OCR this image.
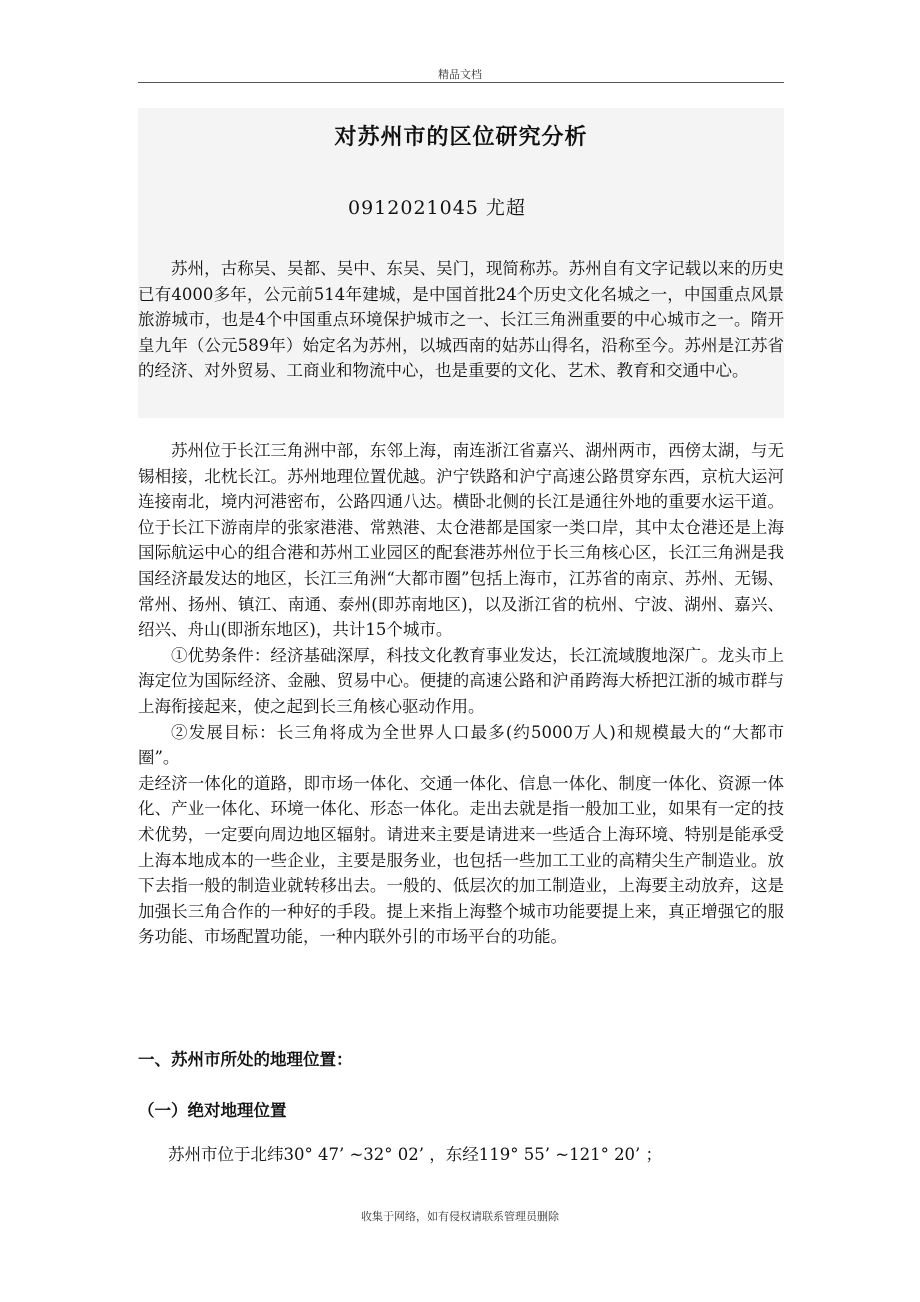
精品文档
对苏州市的区位研究分析
0912021045 尤超

苏州，古称吴、吴都、吴中、东吴、吴门，现简称苏。苏州自有文字记载以来的历史已有4000多年，公元前514年建城，是中国首批24个历史文化名城之一，中国重点风景旅游城市，也是4个中国重点环境保护城市之一、长江三角洲重要的中心城市之一。隋开皇九年（公元589年）始定名为苏州，以城西南的姑苏山得名，沿称至今。苏州是江苏省的经济、对外贸易、工商业和物流中心，也是重要的文化、艺术、教育和交通中心。

苏州位于长江三角洲中部，东邻上海，南连浙江省嘉兴、湖州两市，西傍太湖，与无锡相接，北枕长江。苏州地理位置优越。沪宁铁路和沪宁高速公路贯穿东西，京杭大运河连接南北，境内河港密布，公路四通八达。横卧北侧的长江是通往外地的重要水运干道。位于长江下游南岸的张家港港、常熟港、太仓港都是国家一类口岸，其中太仓港还是上海国际航运中心的组合港和苏州工业园区的配套港苏州位于长三角核心区，长江三角洲是我国经济最发达的地区，长江三角洲“大都市圈”包括上海市，江苏省的南京、苏州、无锡、常州、扬州、镇江、南通、泰州(即苏南地区)，以及浙江省的杭州、宁波、湖州、嘉兴、绍兴、舟山(即浙东地区)，共计15个城市。

①优势条件：经济基础深厚，科技文化教育事业发达，长江流域腹地深广。龙头市上海定位为国际经济、金融、贸易中心。便捷的高速公路和沪甬跨海大桥把江浙的城市群与上海衔接起来，使之起到长三角核心驱动作用。

②发展目标：长三角将成为全世界人口最多(约5000万人)和规模最大的“大都市圈”。

走经济一体化的道路，即市场一体化、交通一体化、信息一体化、制度一体化、资源一体化、产业一体化、环境一体化、形态一体化。走出去就是指一般加工业，如果有一定的技术优势，一定要向周边地区辐射。请进来主要是请进来一些适合上海环境、特别是能承受上海本地成本的一些企业，主要是服务业，也包括一些加工工业的高精尖生产制造业。放下去指一般的制造业就转移出去。一般的、低层次的加工制造业，上海要主动放弃，这是加强长三角合作的一种好的手段。提上来指上海整个城市功能要提上来，真正增强它的服务功能、市场配置功能，一种内联外引的市场平台的功能。

一、苏州市所处的地理位置：
（一）绝对地理位置
苏州市位于北纬30° 47’ ~32° 02’ ，东经119° 55’ ~121° 20’ ；
收集于网络，如有侵权请联系管理员删除
